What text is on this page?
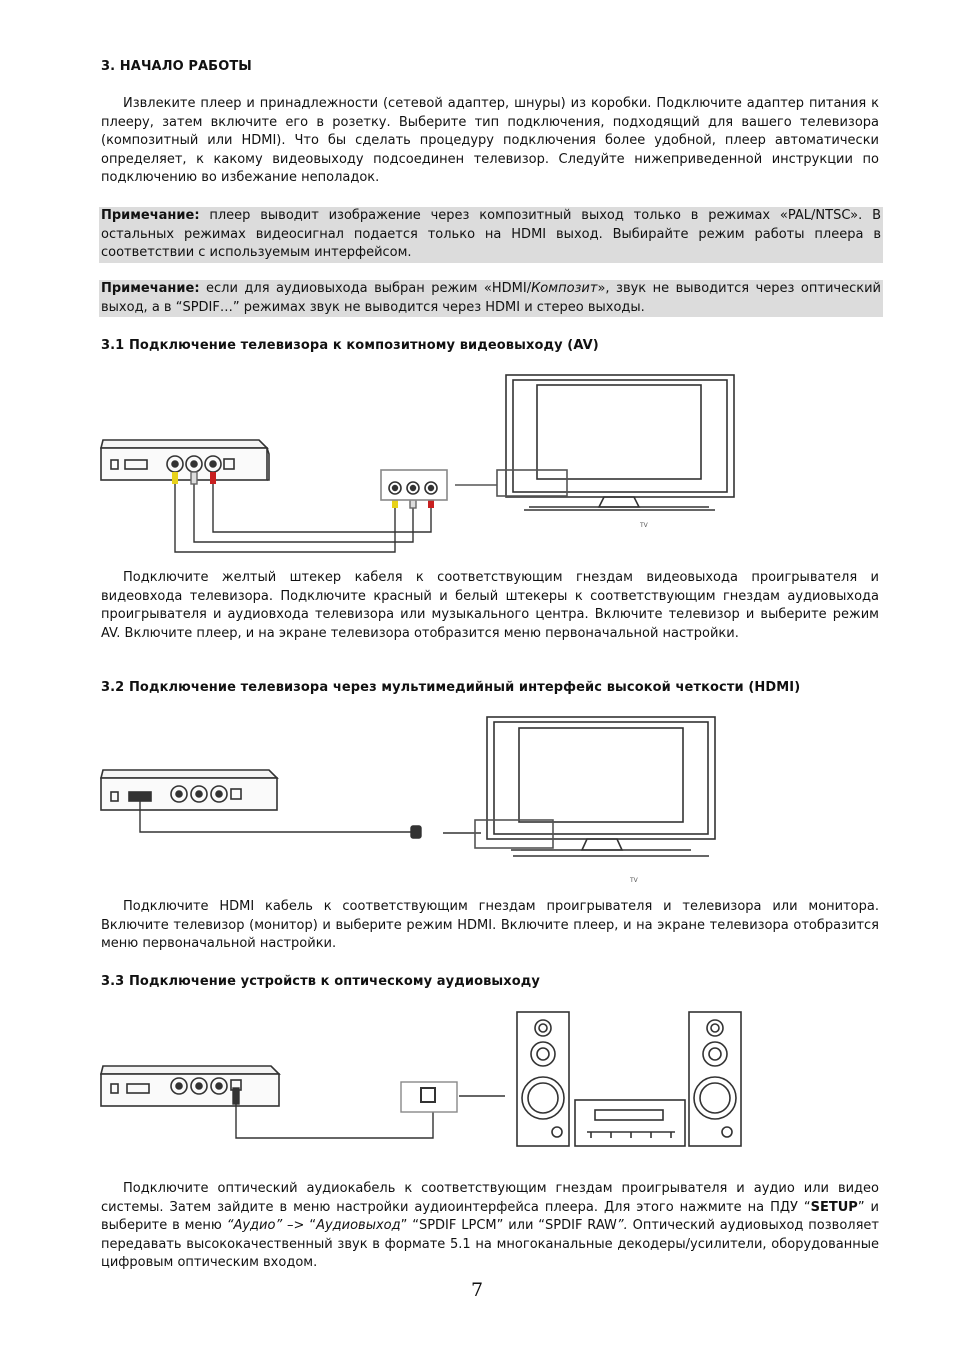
3. НАЧАЛО РАБОТЫ
Извлеките плеер и принадлежности (сетевой адаптер, шнуры) из коробки. Подключите адаптер питания к плееру, затем включите его в розетку. Выберите тип подключения, подходящий для вашего телевизора (композитный или HDMI). Что бы сделать процедуру подключения более удобной, плеер автоматически определяет, к какому видеовыходу подсоединен телевизор. Следуйте нижеприведенной инструкции по подключению во избежание неполадок.
Примечание: плеер выводит изображение через композитный выход только в режимах «PAL/NTSC». В остальных режимах видеосигнал подается только на HDMI выход. Выбирайте режим работы плеера в соответствии с используемым интерфейсом.
Примечание: если для аудиовыхода выбран режим «HDMI/Композит», звук не выводится через оптический выход, а в “SPDIF…” режимах звук не выводится через HDMI и стерео выходы.
3.1 Подключение телевизора к композитному видеовыходу (AV)
TV
Подключите желтый штекер кабеля к соответствующим гнездам видеовыхода проигрывателя и видеовхода телевизора. Подключите красный и белый штекеры к соответствующим гнездам аудиовыхода проигрывателя и аудиовхода телевизора или музыкального центра. Включите телевизор и выберите режим AV. Включите плеер, и на экране телевизора отобразится меню первоначальной настройки.
3.2 Подключение телевизора через мультимедийный интерфейс высокой четкости (HDMI)
TV
Подключите HDMI кабель к соответствующим гнездам проигрывателя и телевизора или монитора. Включите телевизор (монитор) и выберите режим HDMI. Включите плеер, и на экране телевизора отобразится меню первоначальной настройки.
3.3 Подключение устройств к оптическому аудиовыходу
Подключите оптический аудиокабель к соответствующим гнездам проигрывателя и аудио или видео системы. Затем зайдите в меню настройки аудиоинтерфейса плеера. Для этого нажмите на ПДУ “SETUP” и выберите в меню “Аудио” –> “Аудиовыход” “SPDIF LPCM” или “SPDIF RAW”. Оптический аудиовыход позволяет передавать высококачественный звук в формате 5.1 на многоканальные декодеры/усилители, оборудованные цифровым оптическим входом.
7
